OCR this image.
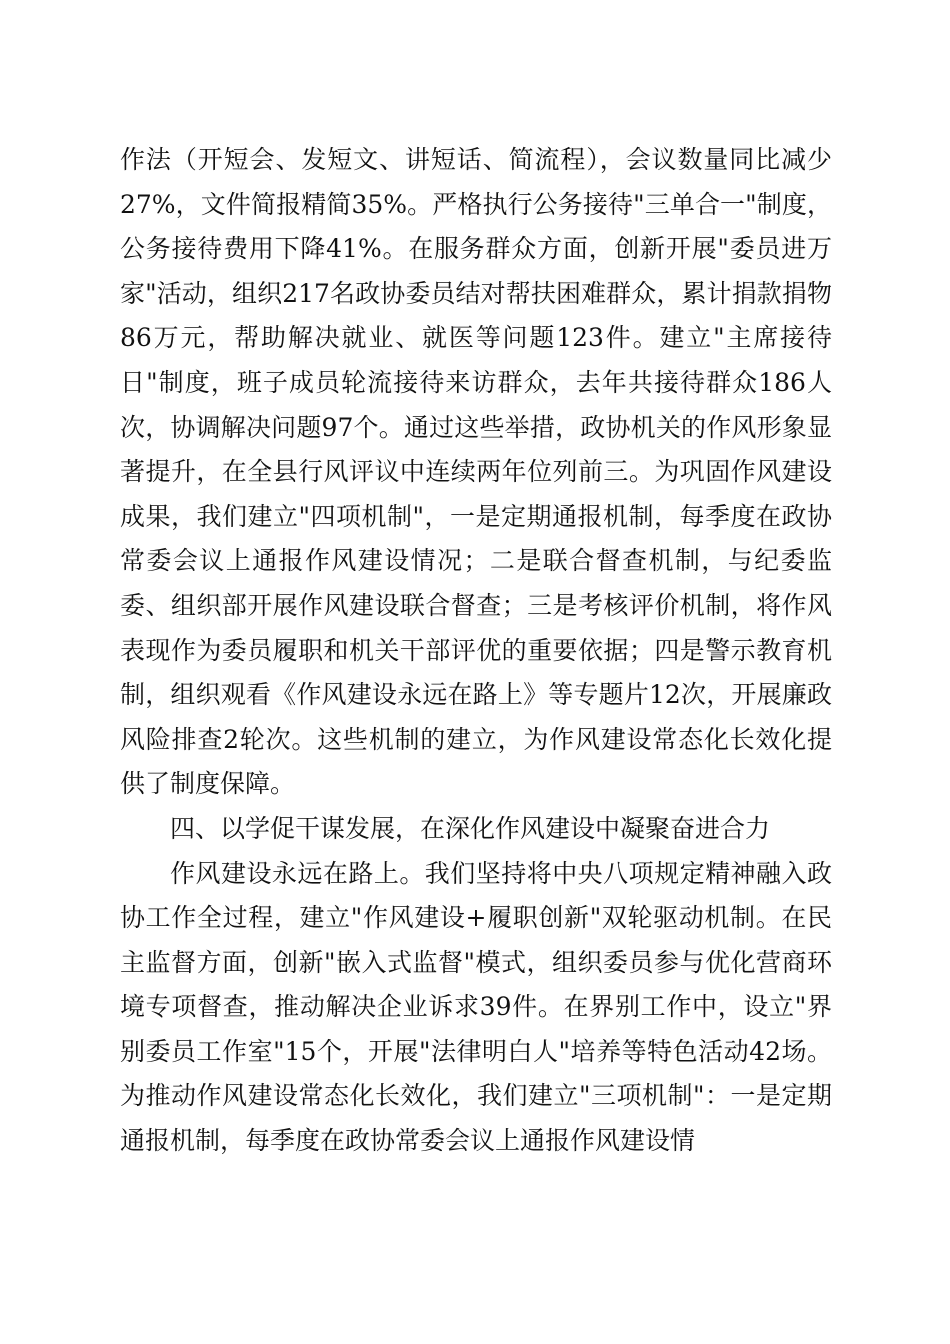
作法（开短会、发短文、讲短话、简流程），会议数量同比减少27%，文件简报精简35%。严格执行公务接待"三单合一"制度，公务接待费用下降41%。在服务群众方面，创新开展"委员进万家"活动，组织217名政协委员结对帮扶困难群众，累计捐款捐物86万元，帮助解决就业、就医等问题123件。建立"主席接待日"制度，班子成员轮流接待来访群众，去年共接待群众186人次，协调解决问题97个。通过这些举措，政协机关的作风形象显著提升，在全县行风评议中连续两年位列前三。为巩固作风建设成果，我们建立"四项机制"，一是定期通报机制，每季度在政协常委会议上通报作风建设情况；二是联合督查机制，与纪委监委、组织部开展作风建设联合督查；三是考核评价机制，将作风表现作为委员履职和机关干部评优的重要依据；四是警示教育机制，组织观看《作风建设永远在路上》等专题片12次，开展廉政风险排查2轮次。这些机制的建立，为作风建设常态化长效化提供了制度保障。

四、以学促干谋发展，在深化作风建设中凝聚奋进合力

作风建设永远在路上。我们坚持将中央八项规定精神融入政协工作全过程，建立"作风建设+履职创新"双轮驱动机制。在民主监督方面，创新"嵌入式监督"模式，组织委员参与优化营商环境专项督查，推动解决企业诉求39件。在界别工作中，设立"界别委员工作室"15个，开展"法律明白人"培养等特色活动42场。为推动作风建设常态化长效化，我们建立"三项机制"：一是定期通报机制，每季度在政协常委会议上通报作风建设情
